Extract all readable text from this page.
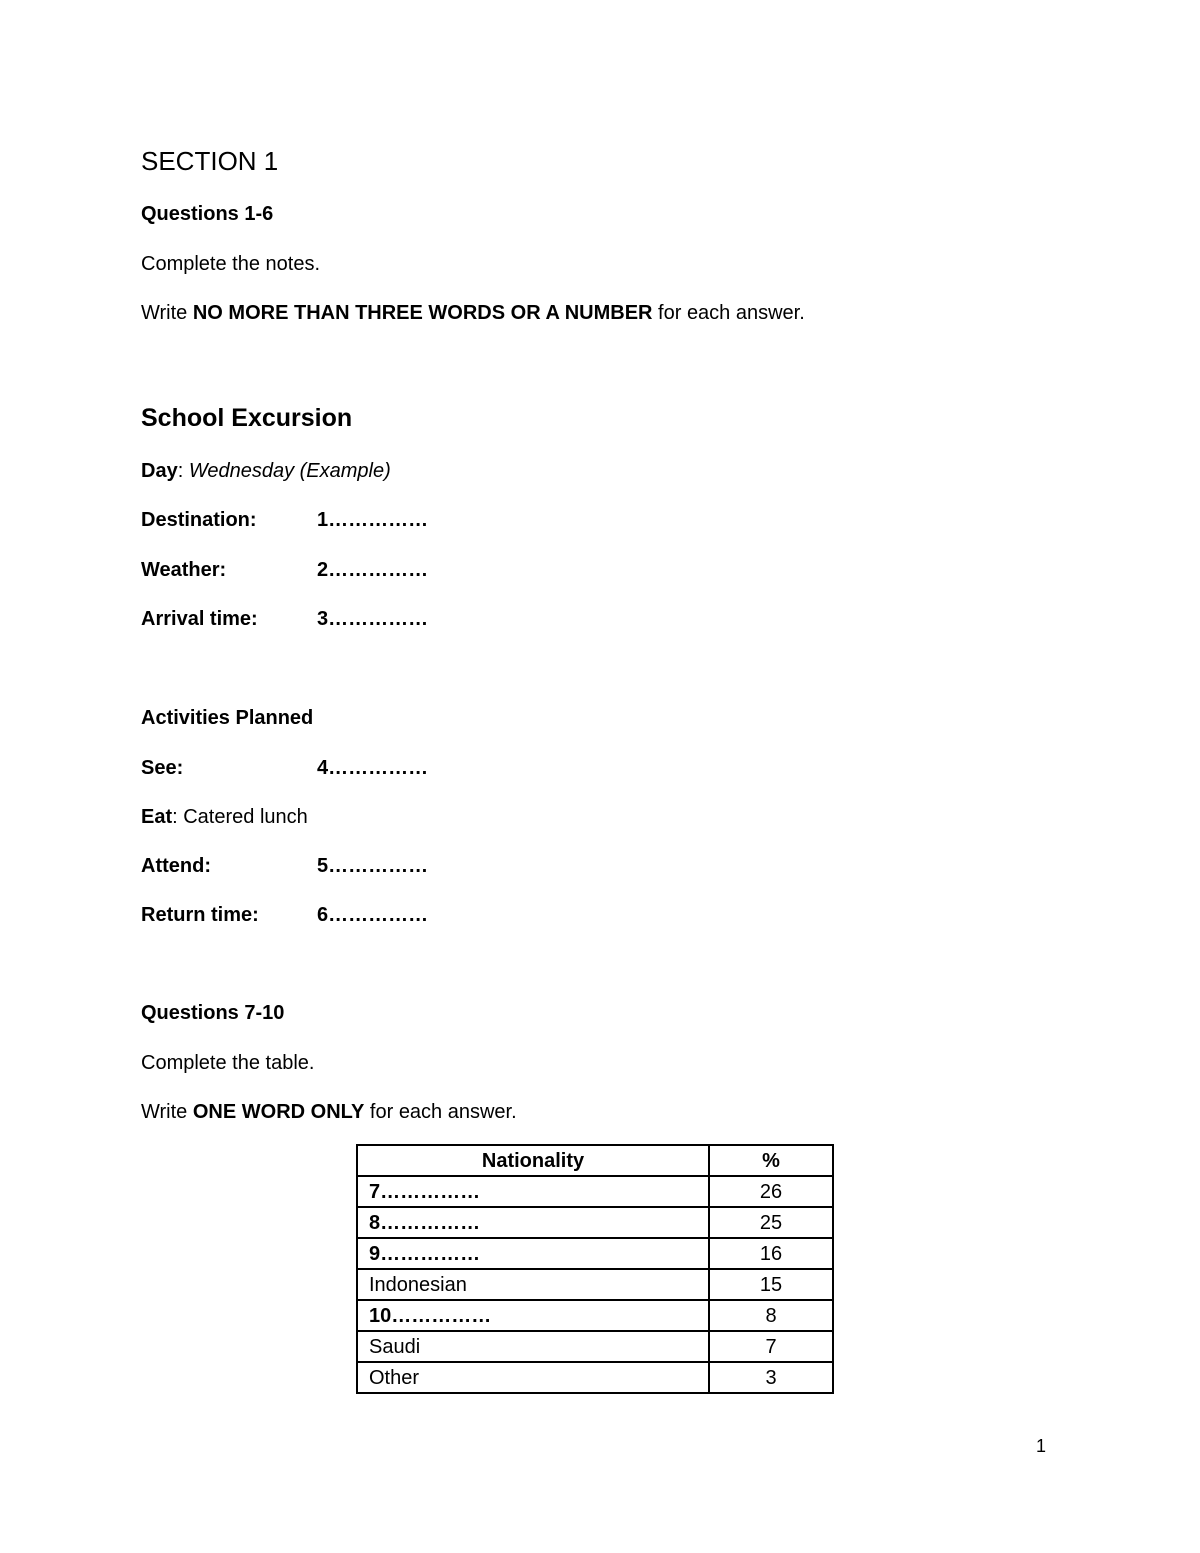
SECTION 1
Questions 1-6
Complete the notes.
Write NO MORE THAN THREE WORDS OR A NUMBER for each answer.
School Excursion
Day: Wednesday (Example)
Destination:	1……………
Weather:	2……………
Arrival time:	3……………
Activities Planned
See:	4……………
Eat: Catered lunch
Attend:	5……………
Return time:	6……………
Questions 7-10
Complete the table.
Write ONE WORD ONLY for each answer.
Nationality	%
7……………	26
8……………	25
9……………	16
Indonesian	15
10……………	8
Saudi	7
Other	3
1
